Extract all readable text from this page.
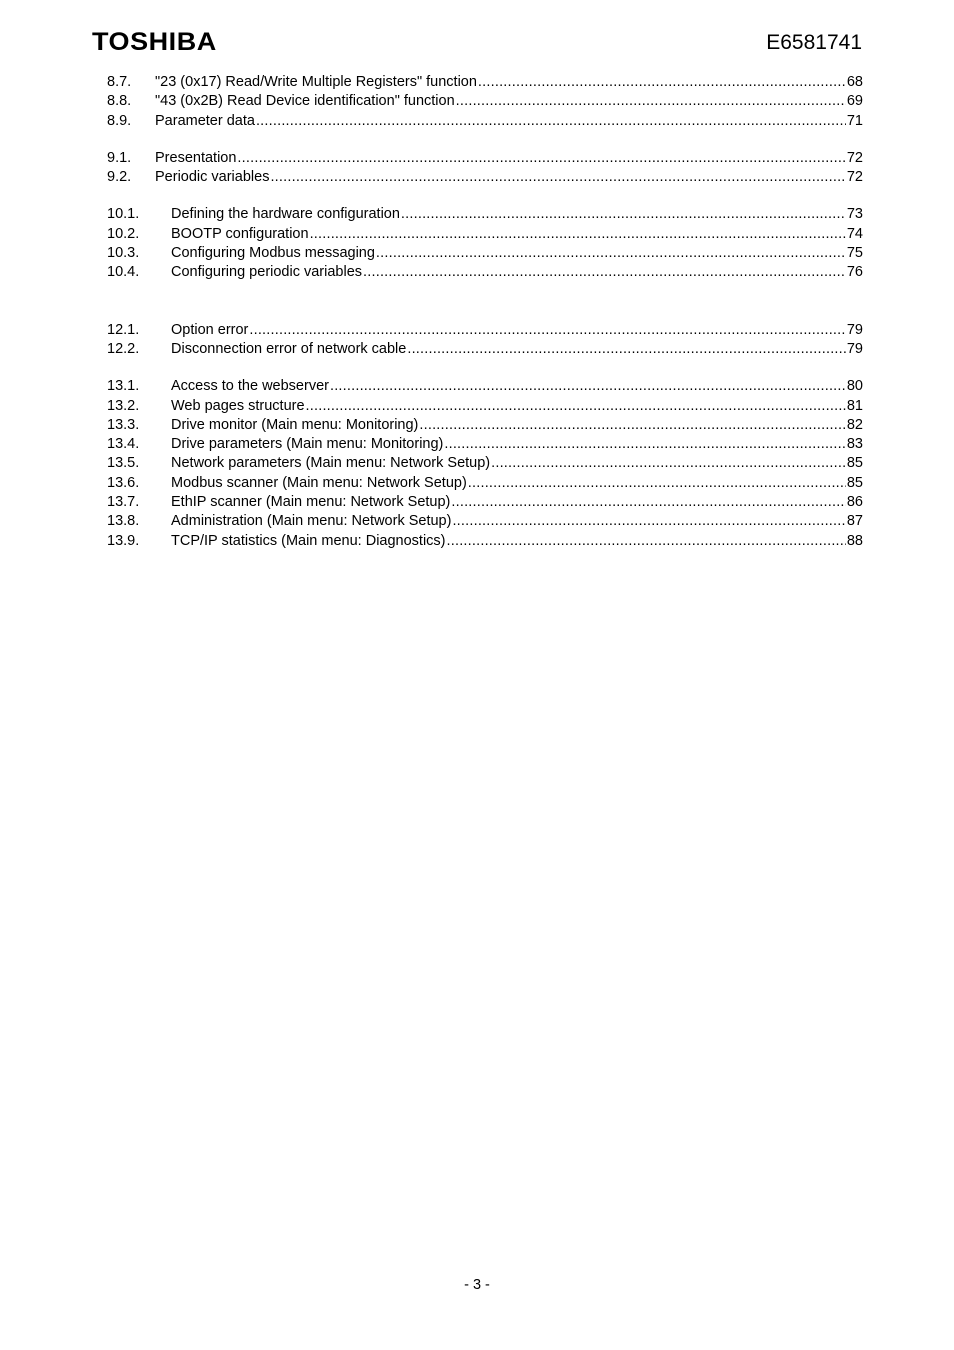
TOSHIBA	E6581741
8.7.	"23 (0x17) Read/Write Multiple Registers" function .....	68
8.8.	"43 (0x2B) Read Device identification" function .....	69
8.9.	Parameter data .....	71
9.1.	Presentation .....	72
9.2.	Periodic variables .....	72
10.1.	Defining the hardware configuration .....	73
10.2.	BOOTP configuration .....	74
10.3.	Configuring Modbus messaging .....	75
10.4.	Configuring periodic variables .....	76
12.1.	Option error .....	79
12.2.	Disconnection error of network cable .....	79
13.1.	Access to the webserver .....	80
13.2.	Web pages structure .....	81
13.3.	Drive monitor (Main menu: Monitoring) .....	82
13.4.	Drive parameters (Main menu: Monitoring) .....	83
13.5.	Network parameters (Main menu: Network Setup) .....	85
13.6.	Modbus scanner (Main menu: Network Setup) .....	85
13.7.	EthIP scanner (Main menu: Network Setup) .....	86
13.8.	Administration (Main menu: Network Setup) .....	87
13.9.	TCP/IP statistics (Main menu: Diagnostics) .....	88
- 3 -
